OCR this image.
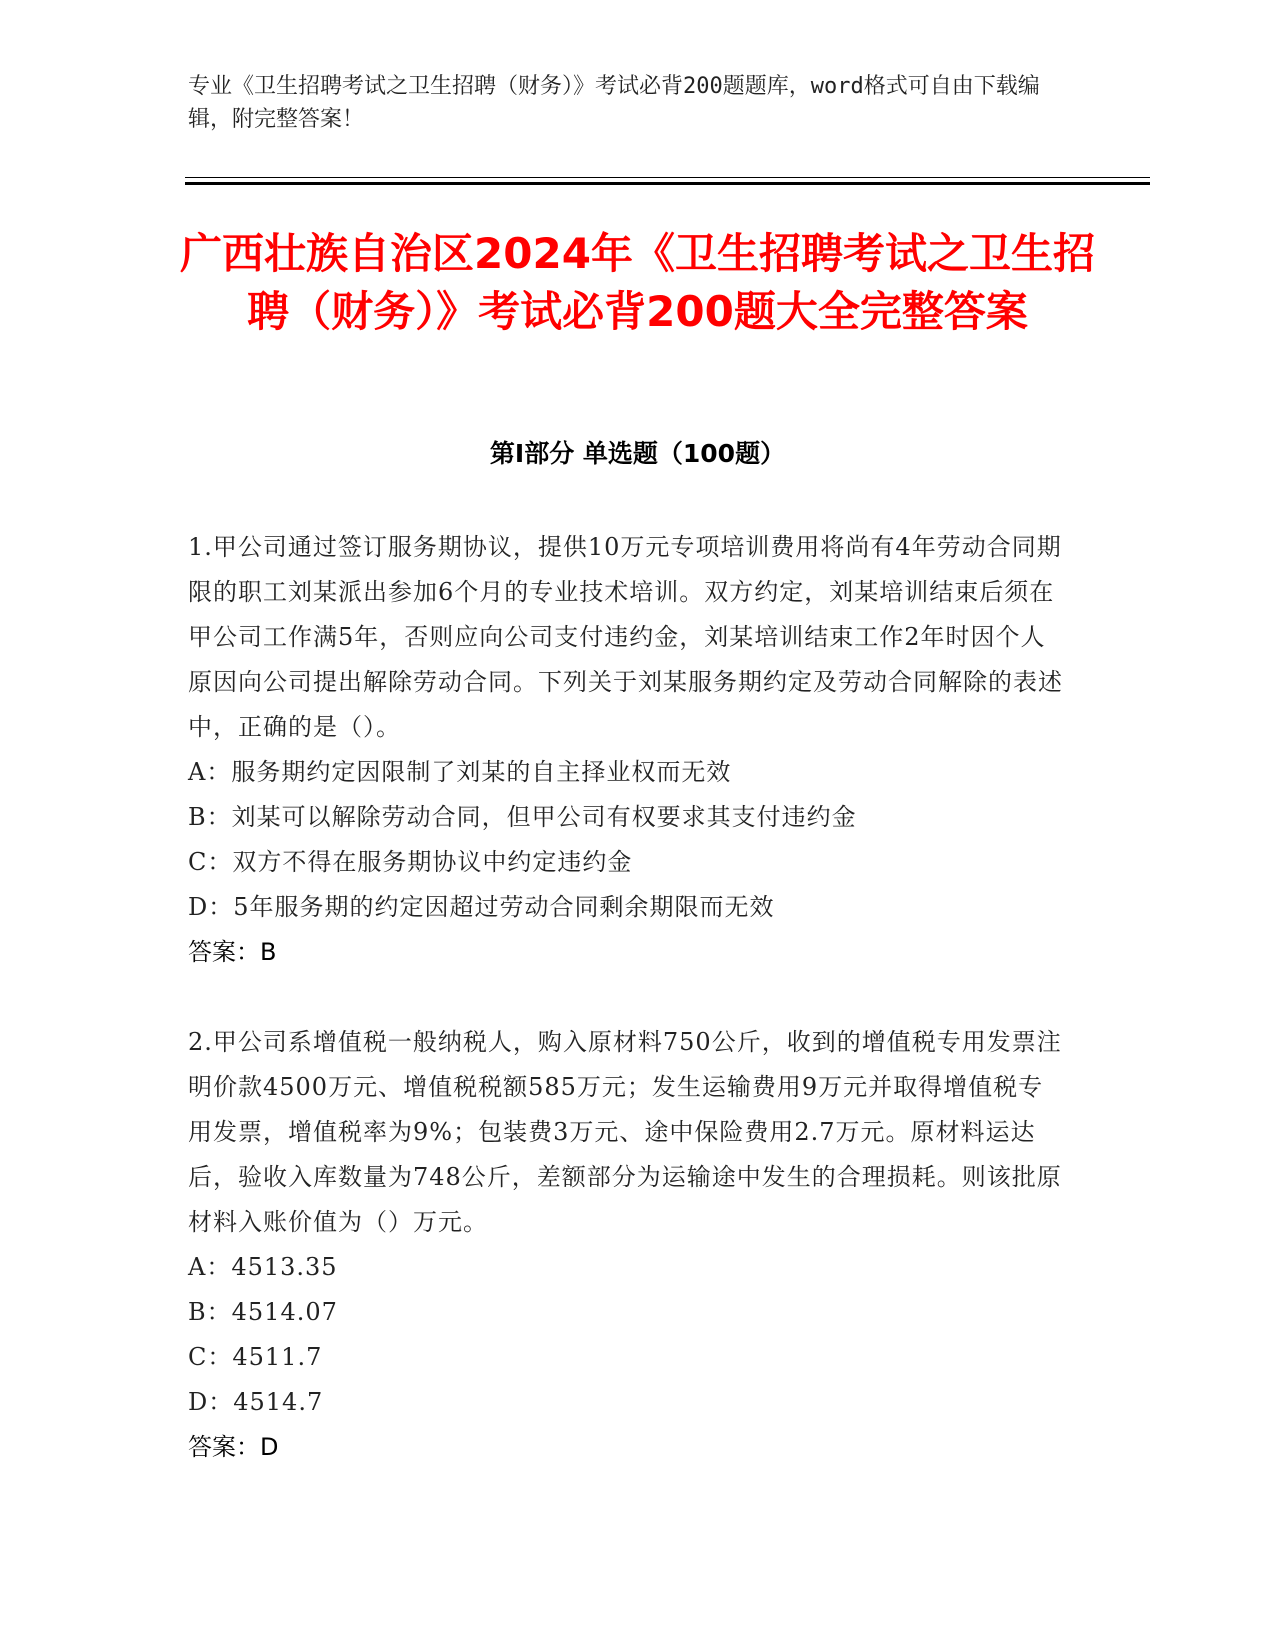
专业《卫生招聘考试之卫生招聘（财务）》考试必背200题题库，word格式可自由下载编辑，附完整答案！
广西壮族自治区2024年《卫生招聘考试之卫生招聘（财务）》考试必背200题大全完整答案
第I部分 单选题（100题）

1.甲公司通过签订服务期协议，提供10万元专项培训费用将尚有4年劳动合同期限的职工刘某派出参加6个月的专业技术培训。双方约定，刘某培训结束后须在甲公司工作满5年，否则应向公司支付违约金，刘某培训结束工作2年时因个人原因向公司提出解除劳动合同。下列关于刘某服务期约定及劳动合同解除的表述中，正确的是（）。

A：服务期约定因限制了刘某的自主择业权而无效

B：刘某可以解除劳动合同，但甲公司有权要求其支付违约金

C：双方不得在服务期协议中约定违约金

D：5年服务期的约定因超过劳动合同剩余期限而无效

答案：B

2.甲公司系增值税一般纳税人，购入原材料750公斤，收到的增值税专用发票注明价款4500万元、增值税税额585万元；发生运输费用9万元并取得增值税专用发票，增值税率为9%；包装费3万元、途中保险费用2.7万元。原材料运达后，验收入库数量为748公斤，差额部分为运输途中发生的合理损耗。则该批原材料入账价值为（）万元。

A：4513.35

B：4514.07

C：4511.7

D：4514.7

答案：D
